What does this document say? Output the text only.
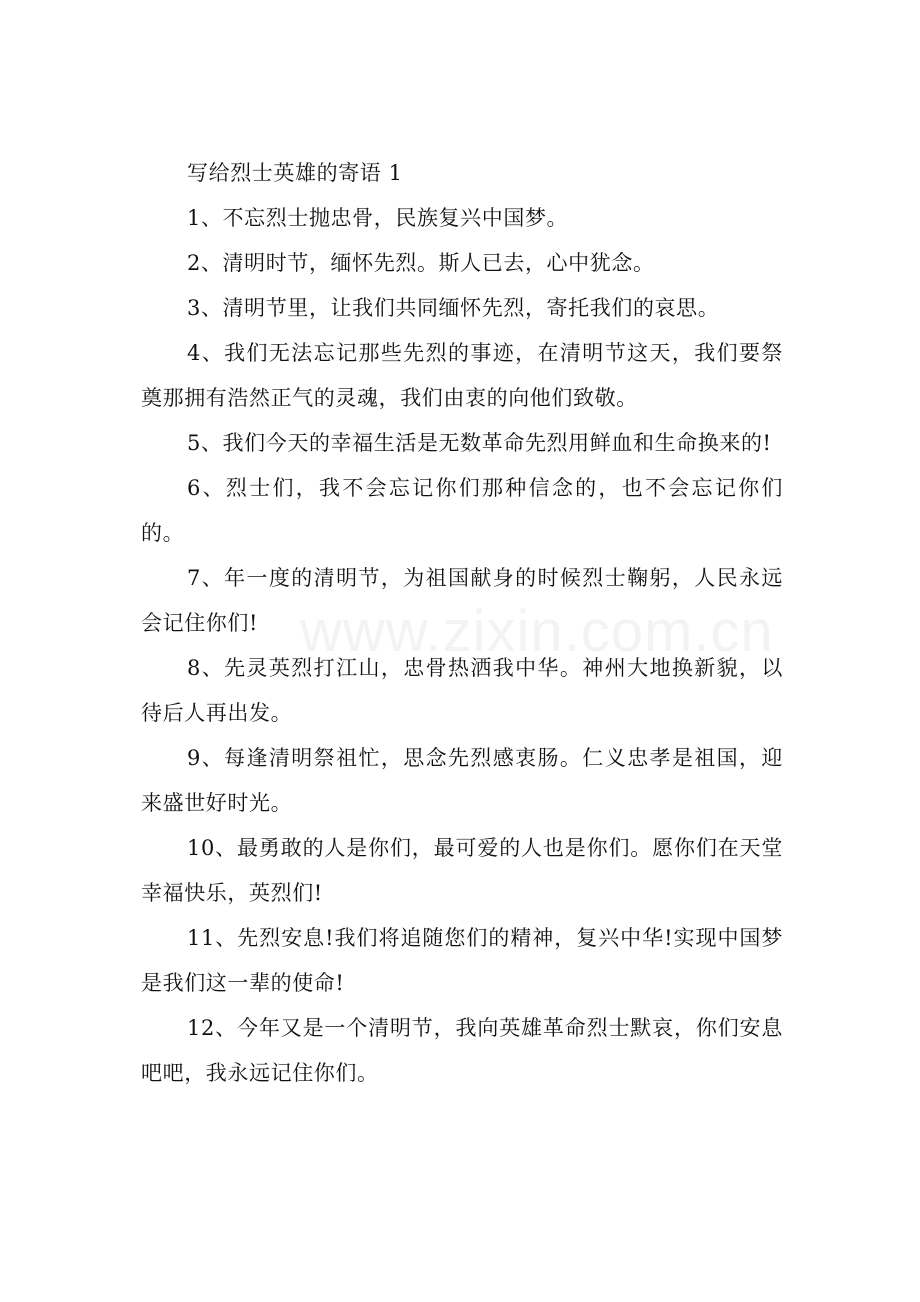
写给烈士英雄的寄语 1

1、不忘烈士抛忠骨，民族复兴中国梦。

2、清明时节，缅怀先烈。斯人已去，心中犹念。

3、清明节里，让我们共同缅怀先烈，寄托我们的哀思。

4、我们无法忘记那些先烈的事迹，在清明节这天，我们要祭奠那拥有浩然正气的灵魂，我们由衷的向他们致敬。

5、我们今天的幸福生活是无数革命先烈用鲜血和生命换来的!

6、烈士们，我不会忘记你们那种信念的，也不会忘记你们的。

7、年一度的清明节，为祖国献身的时候烈士鞠躬，人民永远会记住你们!

8、先灵英烈打江山，忠骨热洒我中华。神州大地换新貌，以待后人再出发。

9、每逢清明祭祖忙，思念先烈感衷肠。仁义忠孝是祖国，迎来盛世好时光。

10、最勇敢的人是你们，最可爱的人也是你们。愿你们在天堂幸福快乐，英烈们!

11、先烈安息!我们将追随您们的精神，复兴中华!实现中国梦是我们这一辈的使命!

12、今年又是一个清明节，我向英雄革命烈士默哀，你们安息吧吧，我永远记住你们。

www.zixin.com.cn
